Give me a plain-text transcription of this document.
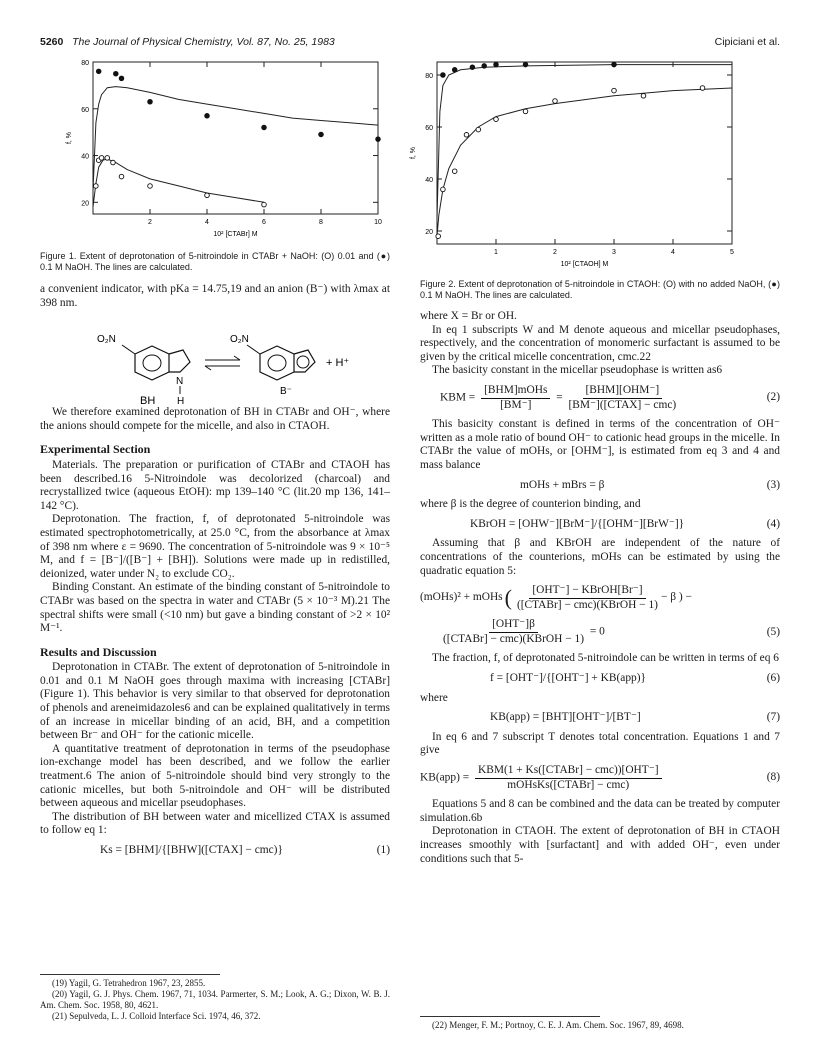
5260 The Journal of Physical Chemistry, Vol. 87, No. 25, 1983	Cipiciani et al.
20
40
60
80
2	4	6	8	10
10² [CTABr] M
f, %
Figure 1. Extent of deprotonation of 5-nitroindole in CTABr + NaOH: (O) 0.01 and (●) 0.1 M NaOH. The lines are calculated.
20
40
60
80
1	2	3	4	5
10² [CTAOH] M
f, %
Figure 2. Extent of deprotonation of 5-nitroindole in CTAOH: (O) with no added NaOH, (●) 0.1 M NaOH. The lines are calculated.

a convenient indicator, with pKa = 14.75,19 and an anion (B⁻) with λmax at 398 nm.

O₂N	O₂N
N
H
+ H⁺
BH
B⁻

We therefore examined deprotonation of BH in CTABr and OH⁻, where the anions should compete for the micelle, and also in CTAOH.

Experimental Section

Materials. The preparation or purification of CTABr and CTAOH has been described.16 5-Nitroindole was decolorized (charcoal) and recrystallized twice (aqueous EtOH): mp 139–140 °C (lit.20 mp 136, 141–142 °C).

Deprotonation. The fraction, f, of deprotonated 5-nitroindole was estimated spectrophotometrically, at 25.0 °C, from the absorbance at λmax of 398 nm where ε = 9690. The concentration of 5-nitroindole was 9 × 10⁻⁵ M, and f = [B⁻]/([B⁻] + [BH]). Solutions were made up in redistilled, deionized, water under N₂ to exclude CO₂.

Binding Constant. An estimate of the binding constant of 5-nitroindole to CTABr was based on the spectra in water and CTABr (5 × 10⁻³ M).21 The spectral shifts were small (<10 nm) but gave a binding constant of >2 × 10² M⁻¹.

Results and Discussion

Deprotonation in CTABr. The extent of deprotonation of 5-nitroindole in 0.01 and 0.1 M NaOH goes through maxima with increasing [CTABr] (Figure 1). This behavior is very similar to that observed for deprotonation of phenols and areneimidazoles6 and can be explained qualitatively in terms of an increase in micellar binding of an acid, BH, and a competition between Br⁻ and OH⁻ for the cationic micelle.

A quantitative treatment of deprotonation in terms of the pseudophase ion-exchange model has been described, and we follow the earlier treatment.6 The anion of 5-nitroindole should bind very strongly to the cationic micelles, but both 5-nitroindole and OH⁻ will be distributed between aqueous and micellar pseudophases.

The distribution of BH between water and micellized CTAX is assumed to follow eq 1:

Ks = [BHM]/{[BHW]([CTAX] − cmc)}	(1)
(19) Yagil, G. Tetrahedron 1967, 23, 2855.
(20) Yagil, G. J. Phys. Chem. 1967, 71, 1034. Parmerter, S. M.; Look, A. G.; Dixon, W. B. J. Am. Chem. Soc. 1958, 80, 4621.
(21) Sepulveda, L. J. Colloid Interface Sci. 1974, 46, 372.

where X = Br or OH.

In eq 1 subscripts W and M denote aqueous and micellar pseudophases, respectively, and the concentration of monomeric surfactant is assumed to be given by the critical micelle concentration, cmc.22

The basicity constant in the micellar pseudophase is written as6

KBM = $\frac{\text{[BHM]mOHs}}{[BM^-]} = \frac{\text{[BHM][OHM⁻]}}{\text{[BM⁻]([CTAX] − cmc)}}$	(2)

This basicity constant is defined in terms of the concentration of OH⁻ written as a mole ratio of bound OH⁻ to cationic head groups in the micelle. In CTABr the value of mOHs, or [OHM⁻], is estimated from eq 3 and 4 and mass balance

mOHs + mBrs = β	(3)

where β is the degree of counterion binding, and

KBrOH = [OHW⁻][BrM⁻]/{[OHM⁻][BrW⁻]}	(4)

Assuming that β and KBrOH are independent of the nature of concentrations of the counterions, mOHs can be estimated by using the quadratic equation 5:

(mOHs)² + mOHs ( $\frac{\text{[OHT⁻] − KBrOH[Br⁻]}}{\text{([CTABr] − cmc)(KBrOH − 1)}} - \beta$ ) −
$\frac{\text{[OHT⁻]β}}{\text{([CTABr] − cmc)(KBrOH − 1)}} = 0$	(5)

The fraction, f, of deprotonated 5-nitroindole can be written in terms of eq 6

f = [OHT⁻]/{[OHT⁻] + KB(app)}	(6)

where

KB(app) = [BHT][OHT⁻]/[BT⁻]	(7)

In eq 6 and 7 subscript T denotes total concentration. Equations 1 and 7 give

$KB(app) = \frac{\text{KBM(1 + Ks([CTABr] − cmc))[OHT⁻]}}{\text{mOHsKs([CTABr] − cmc)}}$	(8)

Equations 5 and 8 can be combined and the data can be treated by computer simulation.6b

Deprotonation in CTAOH. The extent of deprotonation of BH in CTAOH increases smoothly with [surfactant] and with added OH⁻, even under conditions such that 5-

(22) Menger, F. M.; Portnoy, C. E. J. Am. Chem. Soc. 1967, 89, 4698.
